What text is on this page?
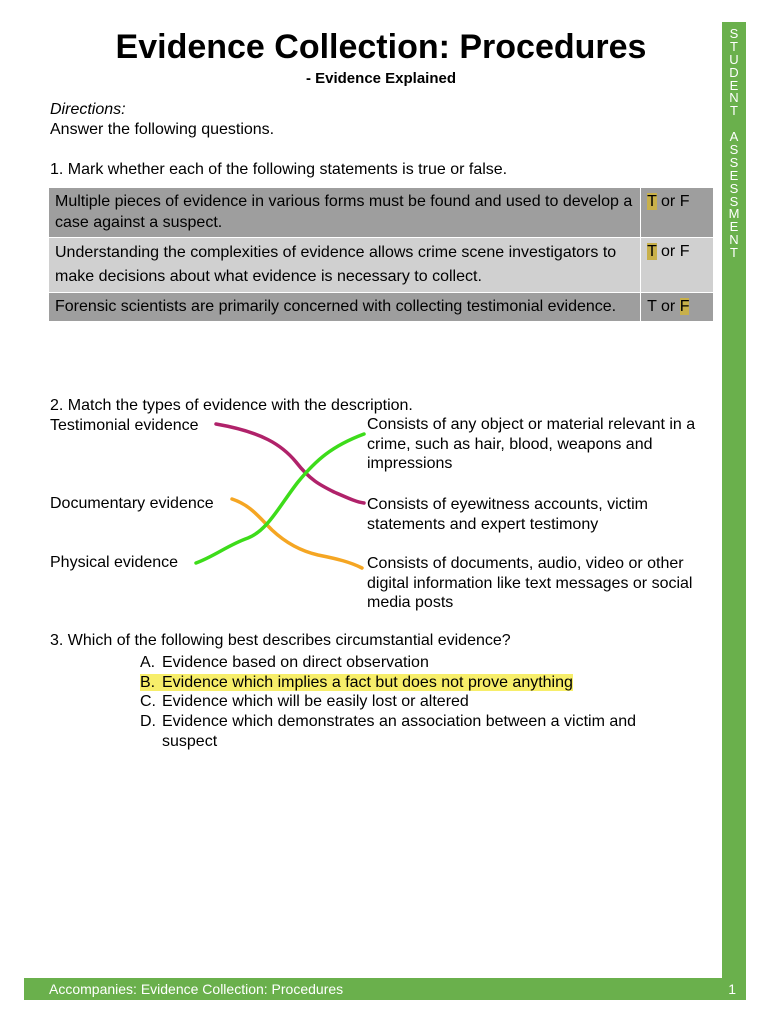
S
T
U
D
E
N
T
A
S
S
E
S
S
M
E
N
T
Evidence Collection: Procedures
- Evidence Explained
Directions:
Answer the following questions.
1. Mark whether each of the following statements is true or false.
Multiple pieces of evidence in various forms must be found and used to develop a case against a suspect.	T or F
Understanding the complexities of evidence allows crime scene investigators to make decisions about what evidence is necessary to collect.	T or F
Forensic scientists are primarily concerned with collecting testimonial evidence.	T or F
2. Match the types of evidence with the description.
Testimonial evidence
Documentary evidence
Physical evidence
Consists of any object or material relevant in a crime, such as hair, blood, weapons and impressions
Consists of eyewitness accounts, victim statements and expert testimony
Consists of documents, audio, video or other digital information like text messages or social media posts
3. Which of the following best describes circumstantial evidence?
A. Evidence based on direct observation
B. Evidence which implies a fact but does not prove anything
C. Evidence which will be easily lost or altered
D. Evidence which demonstrates an association between a victim and
suspect
Accompanies: Evidence Collection: Procedures	1
